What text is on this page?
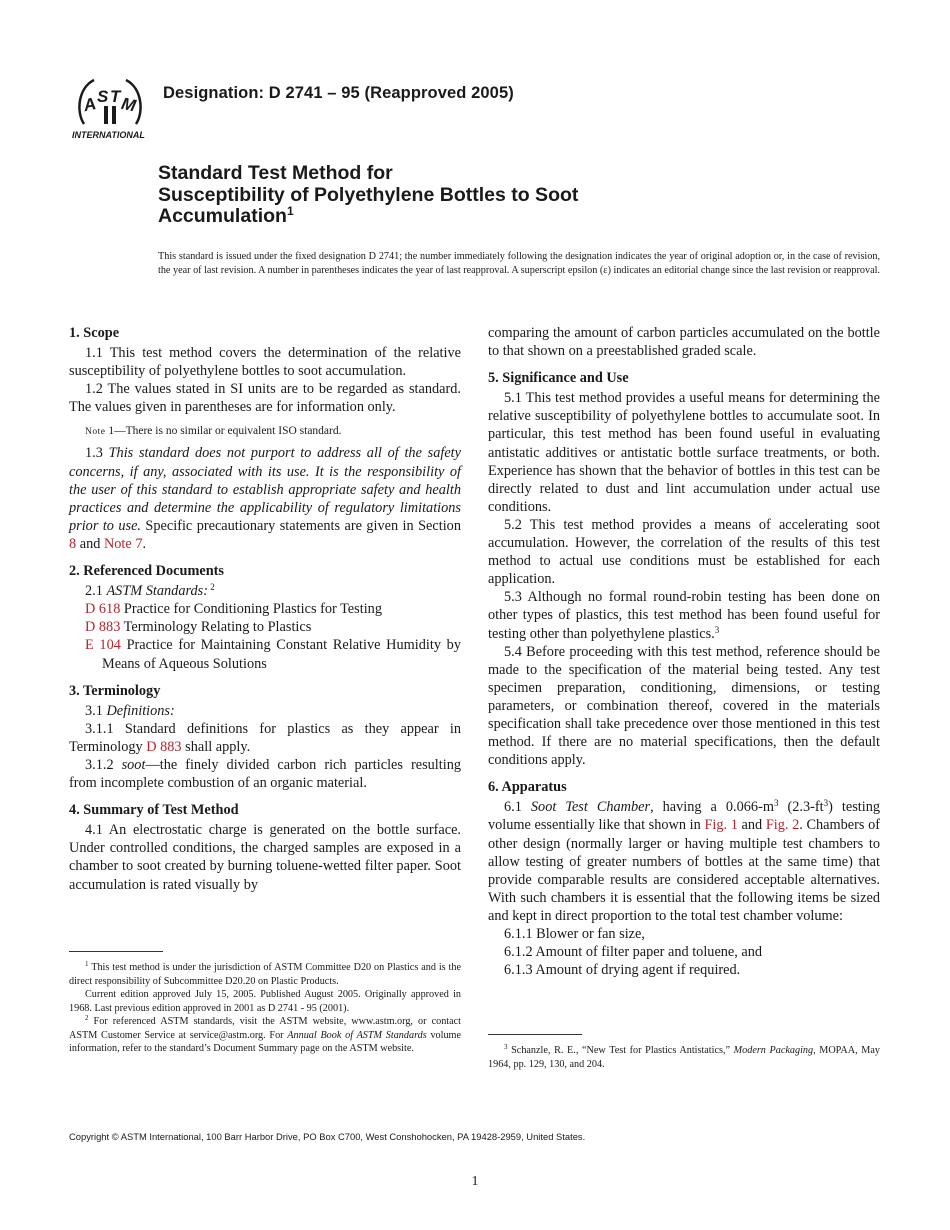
A S T M
INTERNATIONAL
Designation: D 2741 – 95 (Reapproved 2005)
Standard Test Method for
Susceptibility of Polyethylene Bottles to Soot
Accumulation$^1$
This standard is issued under the fixed designation D 2741; the number immediately following the designation indicates the year of original adoption or, in the case of revision, the year of last revision. A number in parentheses indicates the year of last reapproval. A superscript epsilon (ε) indicates an editorial change since the last revision or reapproval.

1. Scope

1.1 This test method covers the determination of the relative susceptibility of polyethylene bottles to soot accumulation.

1.2 The values stated in SI units are to be regarded as standard. The values given in parentheses are for information only.

Note 1—There is no similar or equivalent ISO standard.

1.3 This standard does not purport to address all of the safety concerns, if any, associated with its use. It is the responsibility of the user of this standard to establish appropriate safety and health practices and determine the applicability of regulatory limitations prior to use. Specific precautionary statements are given in Section 8 and Note 7.

2. Referenced Documents

2.1 ASTM Standards: $^2$

D 618 Practice for Conditioning Plastics for Testing

D 883 Terminology Relating to Plastics

E 104 Practice for Maintaining Constant Relative Humidity by Means of Aqueous Solutions

3. Terminology

3.1 Definitions:

3.1.1 Standard definitions for plastics as they appear in Terminology D 883 shall apply.

3.1.2 soot—the finely divided carbon rich particles resulting from incomplete combustion of an organic material.

4. Summary of Test Method

4.1 An electrostatic charge is generated on the bottle surface. Under controlled conditions, the charged samples are exposed in a chamber to soot created by burning toluene-wetted filter paper. Soot accumulation is rated visually by

$^1$ This test method is under the jurisdiction of ASTM Committee D20 on Plastics and is the direct responsibility of Subcommittee D20.20 on Plastic Products.

Current edition approved July 15, 2005. Published August 2005. Originally approved in 1968. Last previous edition approved in 2001 as D 2741 - 95 (2001).

$^2$ For referenced ASTM standards, visit the ASTM website, www.astm.org, or contact ASTM Customer Service at service@astm.org. For Annual Book of ASTM Standards volume information, refer to the standard’s Document Summary page on the ASTM website.

comparing the amount of carbon particles accumulated on the bottle to that shown on a preestablished graded scale.

5. Significance and Use

5.1 This test method provides a useful means for determining the relative susceptibility of polyethylene bottles to accumulate soot. In particular, this test method has been found useful in evaluating antistatic additives or antistatic bottle surface treatments, or both. Experience has shown that the behavior of bottles in this test can be directly related to dust and lint accumulation under actual use conditions.

5.2 This test method provides a means of accelerating soot accumulation. However, the correlation of the results of this test method to actual use conditions must be established for each application.

5.3 Although no formal round-robin testing has been done on other types of plastics, this test method has been found useful for testing other than polyethylene plastics.$^3$

5.4 Before proceeding with this test method, reference should be made to the specification of the material being tested. Any test specimen preparation, conditioning, dimensions, or testing parameters, or combination thereof, covered in the materials specification shall take precedence over those mentioned in this test method. If there are no material specifications, then the default conditions apply.

6. Apparatus

6.1 Soot Test Chamber, having a $0.066-m^3$ $(2.3-ft^3)$ testing volume essentially like that shown in Fig. 1 and Fig. 2. Chambers of other design (normally larger or having multiple test chambers to allow testing of greater numbers of bottles at the same time) that provide comparable results are considered acceptable alternatives. With such chambers it is essential that the following items be sized and kept in direct proportion to the total test chamber volume:

6.1.1 Blower or fan size,

6.1.2 Amount of filter paper and toluene, and

6.1.3 Amount of drying agent if required.

$^3$ Schanzle, R. E., “New Test for Plastics Antistatics,” Modern Packaging, MOPAA, May 1964, pp. 129, 130, and 204.

Copyright © ASTM International, 100 Barr Harbor Drive, PO Box C700, West Conshohocken, PA 19428-2959, United States.
1
